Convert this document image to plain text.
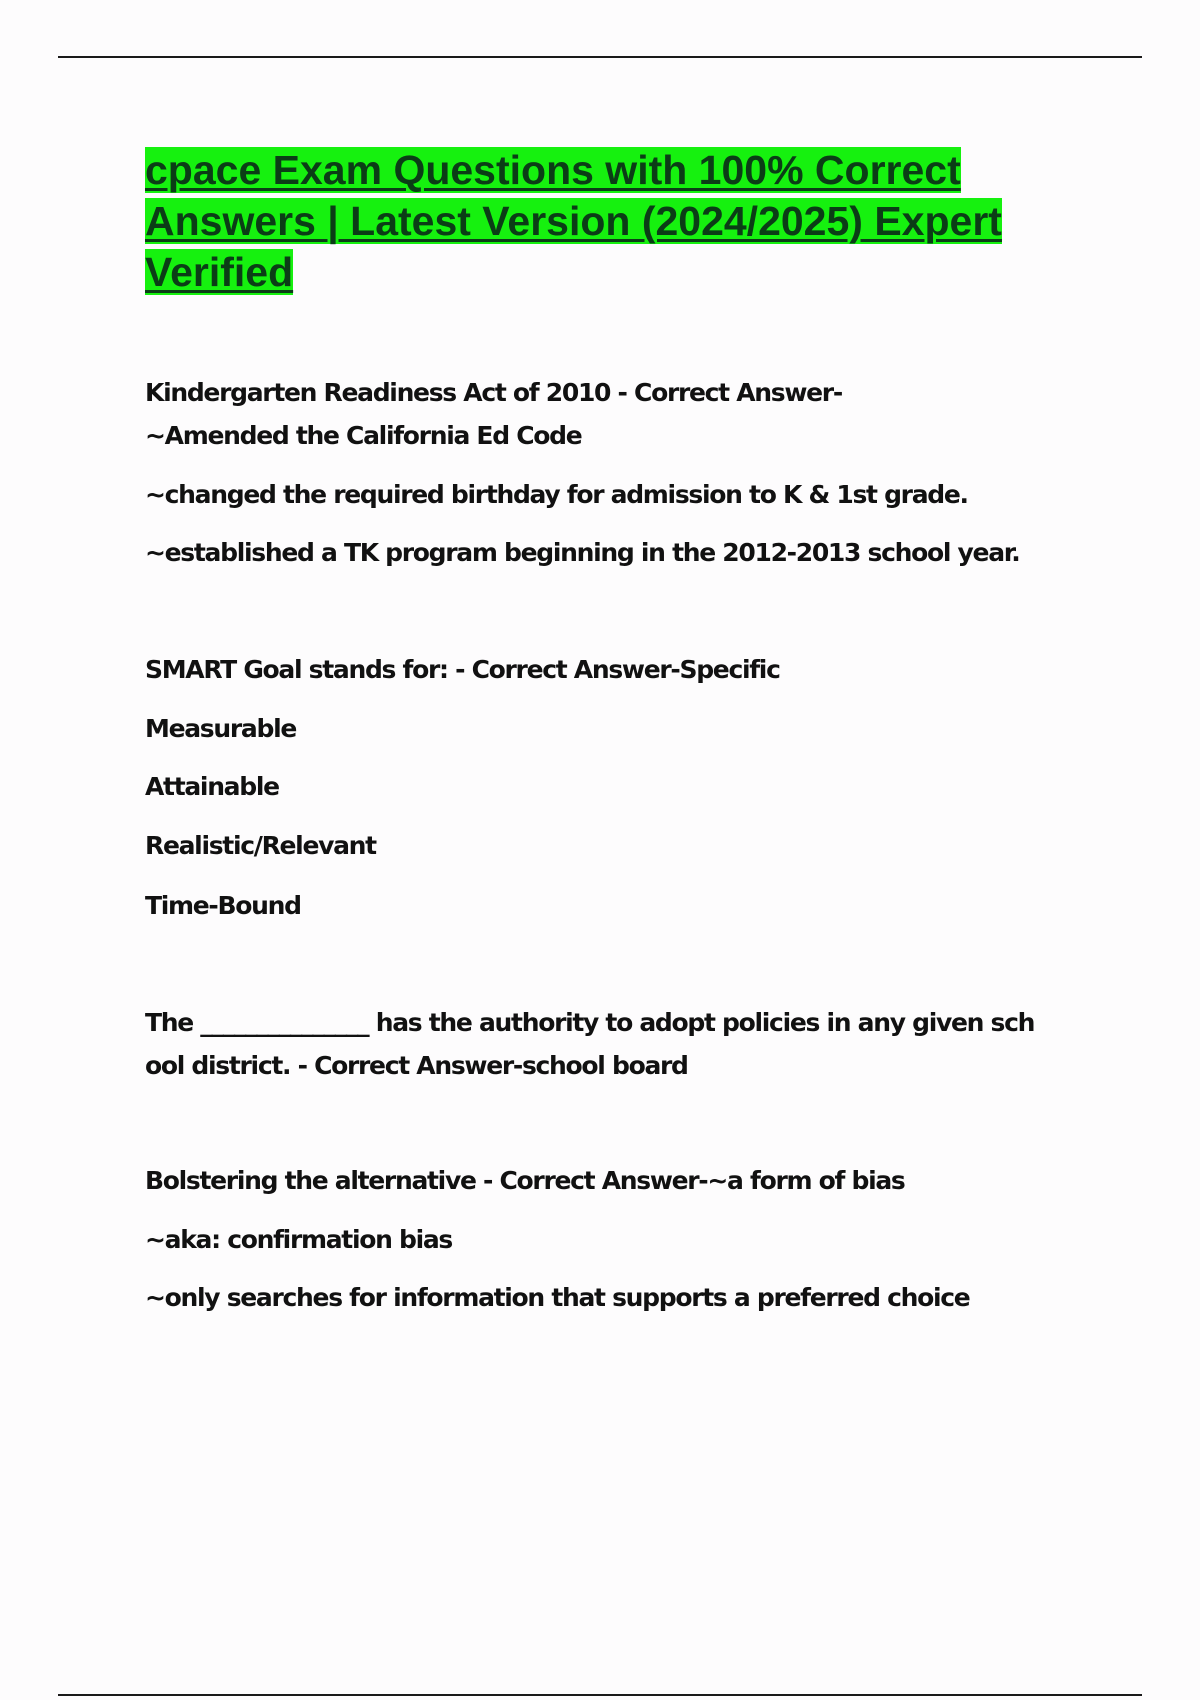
cpace Exam Questions with 100% Correct
Answers | Latest Version (2024/2025) Expert
Verified
Kindergarten Readiness Act of 2010 - Correct Answer-
~Amended the California Ed Code
~changed the required birthday for admission to K & 1st grade.
~established a TK program beginning in the 2012-2013 school year.
SMART Goal stands for: - Correct Answer-Specific
Measurable
Attainable
Realistic/Relevant
Time-Bound
The _______________ has the authority to adopt policies in any given sch
ool district. - Correct Answer-school board
Bolstering the alternative - Correct Answer-~a form of bias
~aka: confirmation bias
~only searches for information that supports a preferred choice
